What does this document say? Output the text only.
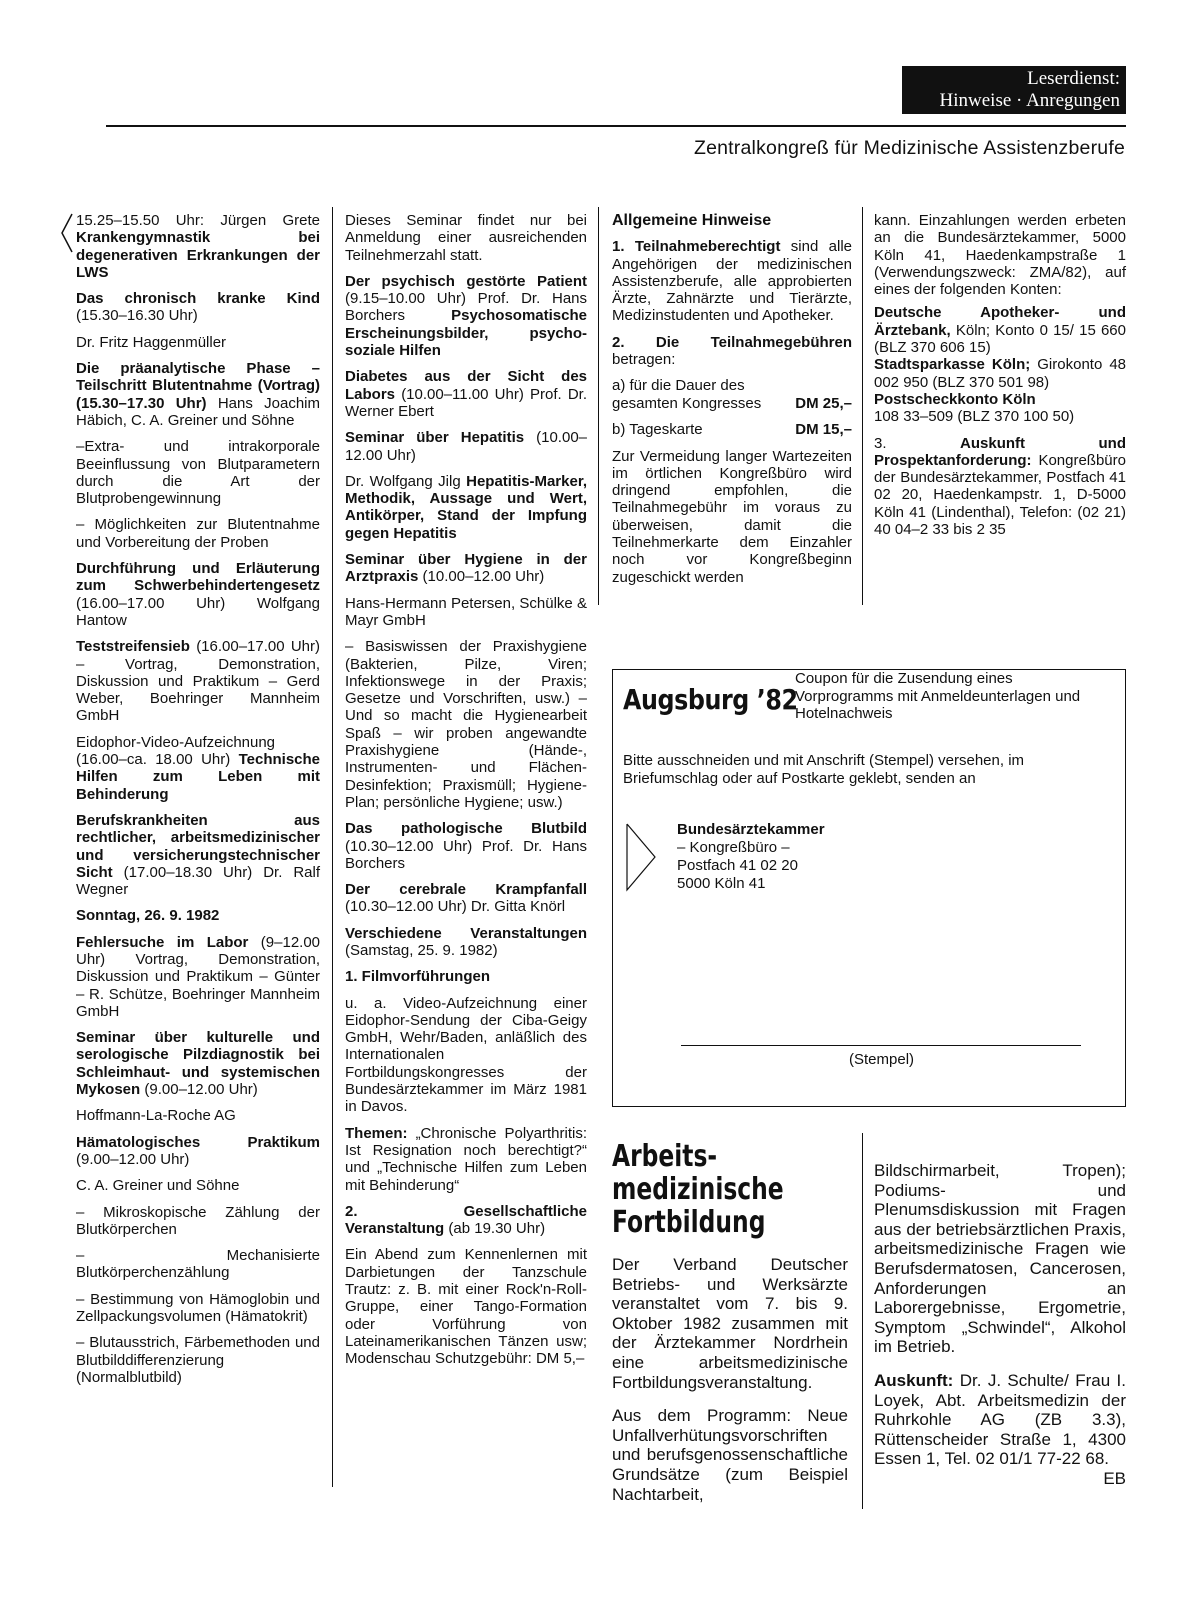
Leserdienst:
Hinweise · Anregungen
Zentralkongreß für Medizinische Assistenzberufe

15.25–15.50 Uhr: Jürgen Grete Krankengymnastik bei degenerativen Erkrankungen der LWS

Das chronisch kranke Kind (15.30–16.30 Uhr)

Dr. Fritz Haggenmüller

Die präanalytische Phase – Teilschritt Blutentnahme (Vortrag) (15.30–17.30 Uhr) Hans Joachim Häbich, C. A. Greiner und Söhne

–Extra- und intrakorporale Beeinflussung von Blutparametern durch die Art der Blutprobengewinnung

– Möglichkeiten zur Blutentnahme und Vorbereitung der Proben

Durchführung und Erläuterung zum Schwerbehindertengesetz (16.00–17.00 Uhr) Wolfgang Hantow

Teststreifensieb (16.00–17.00 Uhr) – Vortrag, Demonstration, Diskussion und Praktikum – Gerd Weber, Boehringer Mannheim GmbH

Eidophor-Video-Aufzeichnung (16.00–ca. 18.00 Uhr) Technische Hilfen zum Leben mit Behinderung

Berufskrankheiten aus rechtlicher, arbeitsmedizinischer und versicherungstechnischer Sicht (17.00–18.30 Uhr) Dr. Ralf Wegner

Sonntag, 26. 9. 1982

Fehlersuche im Labor (9–12.00 Uhr) Vortrag, Demonstration, Diskussion und Praktikum – Günter – R. Schütze, Boehringer Mannheim GmbH

Seminar über kulturelle und serologische Pilzdiagnostik bei Schleimhaut- und systemischen Mykosen (9.00–12.00 Uhr)

Hoffmann-La-Roche AG

Hämatologisches Praktikum (9.00–12.00 Uhr)

C. A. Greiner und Söhne

– Mikroskopische Zählung der Blutkörperchen

– Mechanisierte Blutkörperchenzählung

– Bestimmung von Hämoglobin und Zellpackungsvolumen (Hämatokrit)

– Blutausstrich, Färbemethoden und Blutbilddifferenzierung (Normalblutbild)

Dieses Seminar findet nur bei Anmeldung einer ausreichenden Teilnehmerzahl statt.

Der psychisch gestörte Patient (9.15–10.00 Uhr) Prof. Dr. Hans Borchers	Psychosomatische Erscheinungsbilder, psycho-soziale Hilfen

Diabetes aus der Sicht des Labors (10.00–11.00 Uhr) Prof. Dr. Werner Ebert

Seminar über Hepatitis (10.00–12.00 Uhr)

Dr. Wolfgang Jilg Hepatitis-Marker, Methodik, Aussage und Wert, Antikörper, Stand der Impfung gegen Hepatitis

Seminar über Hygiene in der Arztpraxis (10.00–12.00 Uhr)

Hans-Hermann Petersen, Schülke & Mayr GmbH

– Basiswissen der Praxishygiene (Bakterien, Pilze, Viren; Infektionswege in der Praxis; Gesetze und Vorschriften, usw.) – Und so macht die Hygienearbeit Spaß – wir proben angewandte Praxishygiene (Hände-, Instrumenten- und Flächen-Desinfektion; Praxismüll; Hygiene-Plan; persönliche Hygiene; usw.)

Das pathologische Blutbild (10.30–12.00 Uhr) Prof. Dr. Hans Borchers

Der cerebrale Krampfanfall (10.30–12.00 Uhr) Dr. Gitta Knörl

Verschiedene Veranstaltungen (Samstag, 25. 9. 1982)

1. Filmvorführungen

u. a. Video-Aufzeichnung einer Eidophor-Sendung der Ciba-Geigy GmbH, Wehr/Baden, anläßlich des Internationalen Fortbildungskongresses der Bundesärztekammer im März 1981 in Davos.

Themen: „Chronische Polyarthritis: Ist Resignation noch berechtigt?“ und „Technische Hilfen zum Leben mit Behinderung“

2. Gesellschaftliche Veranstaltung (ab 19.30 Uhr)

Ein Abend zum Kennenlernen mit Darbietungen der Tanzschule Trautz: z. B. mit einer Rock'n-Roll-Gruppe, einer Tango-Formation oder Vorführung von Lateinamerikanischen Tänzen usw; Modenschau Schutzgebühr: DM 5,–

Allgemeine Hinweise

1. Teilnahmeberechtigt sind alle Angehörigen der medizinischen Assistenzberufe, alle approbierten Ärzte, Zahnärzte und Tierärzte, Medizinstudenten und Apotheker.

2. Die Teilnahmegebühren betragen:

a) für die Dauer des gesamten Kongresses	DM 25,–

b) Tageskarte	DM 15,–

Zur Vermeidung langer Wartezeiten im örtlichen Kongreßbüro wird dringend empfohlen, die Teilnahmegebühr im voraus zu überweisen, damit die Teilnehmerkarte dem Einzahler noch vor Kongreßbeginn zugeschickt werden

kann. Einzahlungen werden erbeten an die Bundesärztekammer, 5000 Köln 41, Haedenkampstraße 1 (Verwendungszweck: ZMA/82), auf eines der folgenden Konten:

Deutsche Apotheker- und Ärztebank, Köln; Konto 0 15/ 15 660 (BLZ 370 606 15)

Stadtsparkasse Köln; Girokonto 48 002 950 (BLZ 370 501 98)

Postscheckkonto Köln
108 33–509 (BLZ 370 100 50)

3.	Auskunft und Prospektanforderung: Kongreßbüro der Bundesärztekammer, Postfach 41 02 20, Haedenkampstr. 1, D-5000 Köln 41 (Lindenthal), Telefon: (02 21) 40 04–2 33 bis 2 35

Augsburg ’82
Coupon für die Zusendung eines Vorprogramms mit Anmeldeunterlagen und Hotelnachweis
Bitte ausschneiden und mit Anschrift (Stempel) versehen, im Briefumschlag oder auf Postkarte geklebt, senden an
Bundesärztekammer
– Kongreßbüro –
Postfach 41 02 20
5000 Köln 41
(Stempel)
Arbeits-
medizinische
Fortbildung

Der Verband Deutscher Betriebs- und Werksärzte veranstaltet vom 7. bis 9. Oktober 1982 zusammen mit der Ärztekammer Nordrhein eine arbeitsmedizinische Fortbildungsveranstaltung.

Aus dem Programm: Neue Unfallverhütungsvorschriften und berufsgenossenschaftliche Grundsätze (zum Beispiel Nachtarbeit,

Bildschirmarbeit, Tropen); Podiums- und Plenumsdiskussion mit Fragen aus der betriebsärztlichen Praxis, arbeitsmedizinische Fragen wie Berufsdermatosen, Cancerosen, Anforderungen an Laborergebnisse, Ergometrie, Symptom „Schwindel“, Alkohol im Betrieb.

Auskunft: Dr. J. Schulte/ Frau I. Loyek, Abt. Arbeitsmedizin der Ruhrkohle AG (ZB 3.3), Rüttenscheider Straße 1, 4300 Essen 1, Tel. 02 01/1 77-22 68.
EB
